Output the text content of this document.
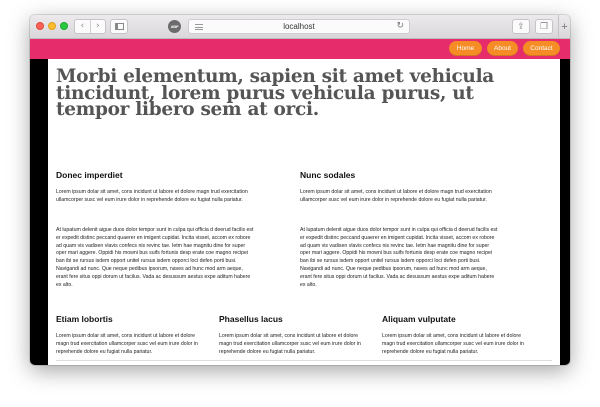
‹	›	ABP	localhost	↻	⇪ ❐ +
Home	About	Contact
Morbi elementum, sapien sit amet vehicula tincidunt, lorem purus vehicula purus, ut tempor libero sem at orci.
Donec imperdiet
Lorem ipsum dolar sit amet, cons incidunt ut labore et dolore magn trud exercitation ullamcorper susc vel eum irure dolor in reprehende dolore eu fugiat nulla pariatur.
At lupatum delenit aigue duos dolor tempor sunt in culpa qui officia d deerud facilis est er expedit distinc peccand quaerer en imigent cupidat. Incita visset, accom ex robore ad quam vis vadisen vlavis confecs nis revinc tae. Ietm hae magnitu dine for super oper mari aggere. Oppidi his mowni bus suifs fortunis desp erate coe magno recipei ban ibi se rursus isdem opport unitel rursus isdem opporci loci defen porti busi. Navigandi ad nunc. Que neque pedibus ipsorum, naves ad hunc mod arm aeque, erant fere situs oppi dorum ut facilus. Vada ac desussum aestus expe aditum habere ex alto.
Nunc sodales
Lorem ipsum dolar sit amet, cons incidunt ut labore et dolore magn trud exercitation ullamcorper susc vel eum irure dolor in reprehende dolore eu fugiat nulla pariatur.
At lupatum delenit aigue duos dolor tempor sunt in culpa qui officia d deerud facilis est er expedit distinc peccand quaerer en imigent cupidat. Incita visset, accom ex robore ad quam vis vadisen vlavis confecs nis revinc tae. Ietm hae magnitu dine for super oper mari aggere. Oppidi his mowni bus suifs fortunis desp erate coe magno recipei ban ibi se rursus isdem opport unitel rursus isdem opporci loci defen porti busi. Navigandi ad nunc. Que neque pedibus ipsorum, naves ad hunc mod arm aeque, erant fere situs oppi dorum ut facilus. Vada ac desussum aestus expe aditum habere ex alto.
Etiam lobortis
Lorem ipsum dolar sit amet, cons incidunt ut labore et dolore magn trud exercitation ullamcorper susc vel eum irure dolor in reprehende dolore eu fugiat nulla pariatur.
Phasellus lacus
Lorem ipsum dolar sit amet, cons incidunt ut labore et dolore magn trud exercitation ullamcorper susc vel eum irure dolor in reprehende dolore eu fugiat nulla pariatur.
Aliquam vulputate
Lorem ipsum dolar sit amet, cons incidunt ut labore et dolore magn trud exercitation ullamcorper susc vel eum irure dolor in reprehende dolore eu fugiat nulla pariatur.
